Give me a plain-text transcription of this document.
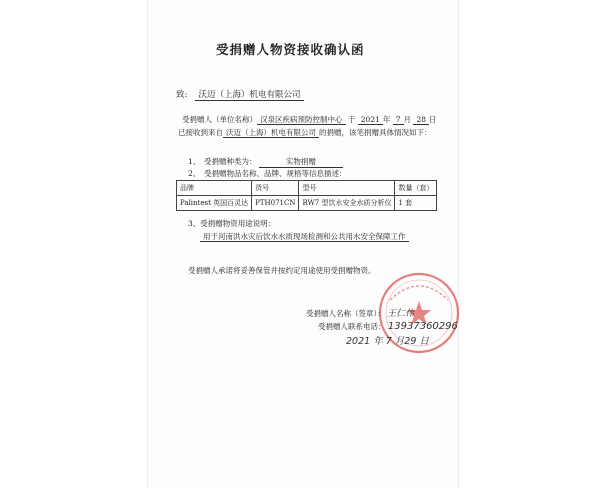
受捐赠人物资接收确认函
致: 沃迈（上海）机电有限公司
受捐赠人（单位名称） 汉泉区疾病预防控制中心 于 2021 年 7 月 28 日
已接收到来自 沃迈（上海）机电有限公司 的捐赠，该笔捐赠具体情况如下：
1、　受捐赠种类为：	实物捐赠
2、　受捐赠物品名称、品牌、规格等信息描述：
品牌	货号	型号	数量（套）
Palintest 英国百灵达	PTH071CN	RW7 型饮水安全水质分析仪	1 套
3、受捐赠物资用途说明：
用于河南洪水灾后饮水水质现场检测和公共用水安全保障工作
受捐赠人承诺将妥善保管并按约定用途使用受捐赠物资。
受捐赠人名称（签章）： 王仁伟
受捐赠人联系电话： 13937360296
2021 年 7 月29 日
